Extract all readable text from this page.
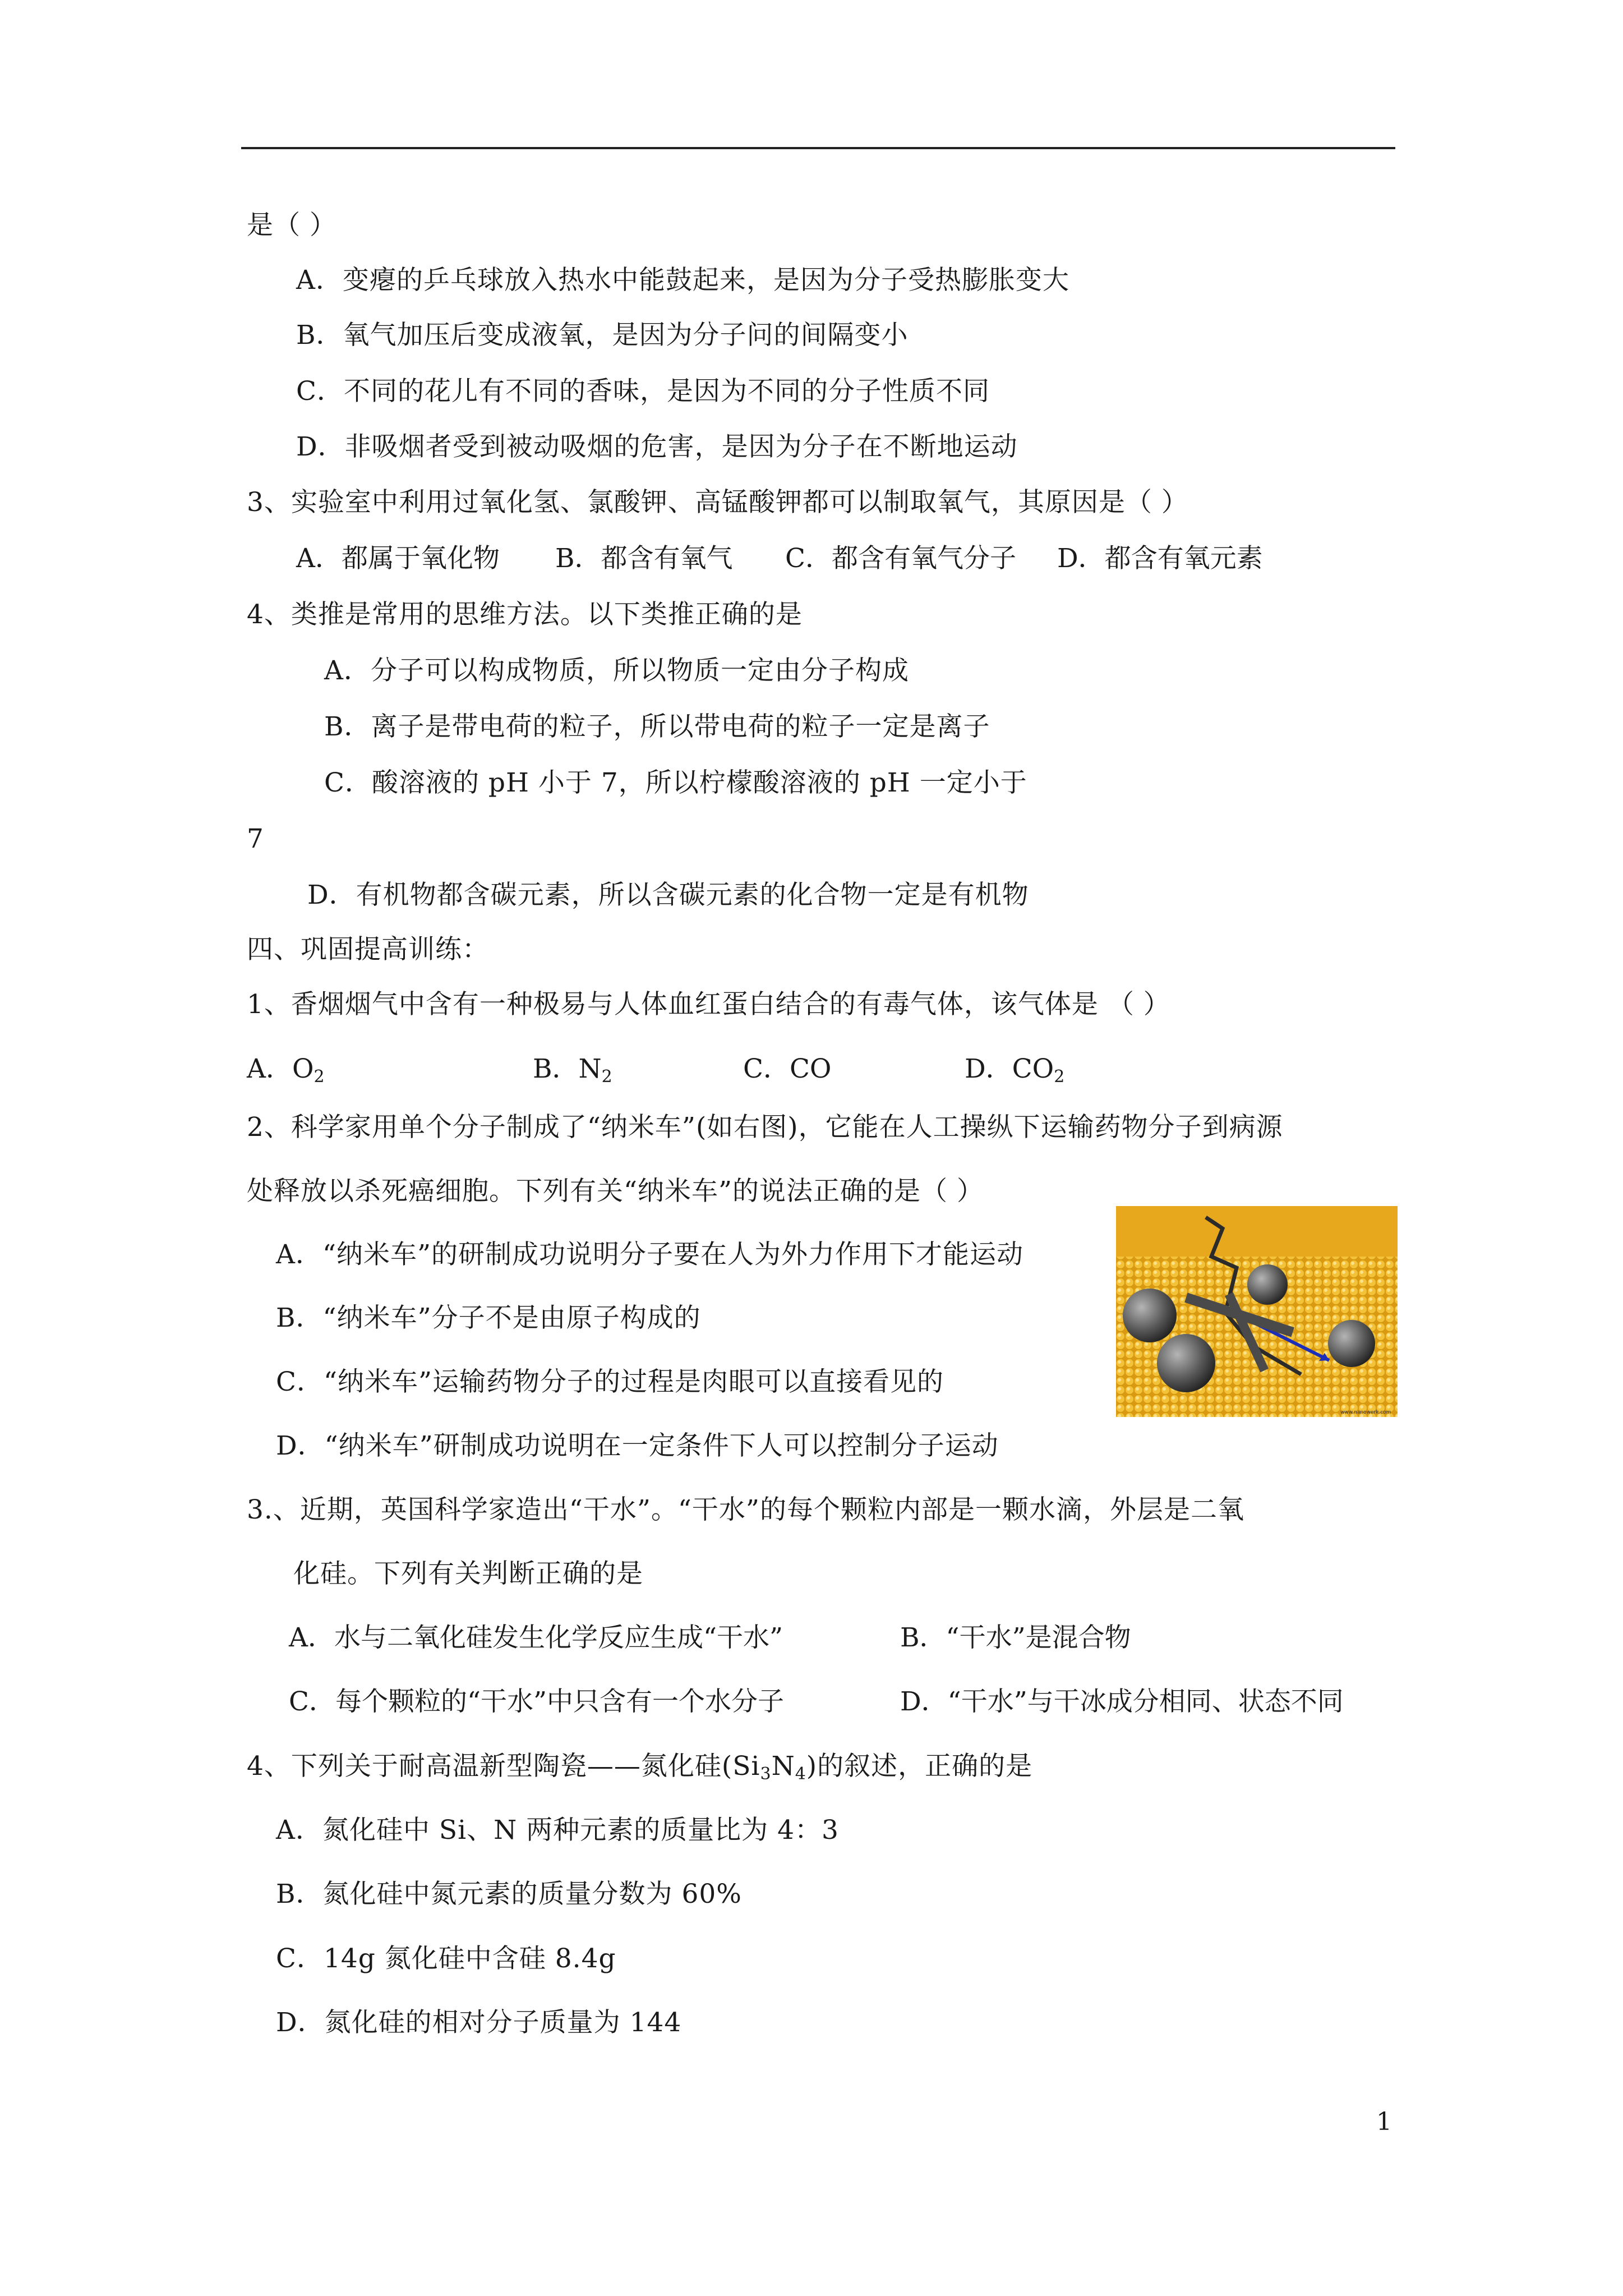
是（ ）
A．变瘪的乒乓球放入热水中能鼓起来，是因为分子受热膨胀变大
B．氧气加压后变成液氧，是因为分子问的间隔变小
C．不同的花儿有不同的香味，是因为不同的分子性质不同
D．非吸烟者受到被动吸烟的危害，是因为分子在不断地运动
3、实验室中利用过氧化氢、氯酸钾、高锰酸钾都可以制取氧气，其原因是（ ）
A．都属于氧化物 B．都含有氧气 C．都含有氧气分子 D．都含有氧元素
4、类推是常用的思维方法。以下类推正确的是
A．分子可以构成物质，所以物质一定由分子构成
B．离子是带电荷的粒子，所以带电荷的粒子一定是离子
C．酸溶液的 pH 小于 7，所以柠檬酸溶液的 pH 一定小于
7
D．有机物都含碳元素，所以含碳元素的化合物一定是有机物
四、巩固提高训练：
1、香烟烟气中含有一种极易与人体血红蛋白结合的有毒气体，该气体是 （ ）
A．$O_2$	B．$N_2$	C．CO	D．$CO_2$
2、科学家用单个分子制成了“纳米车”(如右图)，它能在人工操纵下运输药物分子到病源
处释放以杀死癌细胞。下列有关“纳米车”的说法正确的是（ ）
A．“纳米车”的研制成功说明分子要在人为外力作用下才能运动
B．“纳米车”分子不是由原子构成的
C．“纳米车”运输药物分子的过程是肉眼可以直接看见的
D．“纳米车”研制成功说明在一定条件下人可以控制分子运动
www.nanowerk.com
3.、近期，英国科学家造出“干水”。“干水”的每个颗粒内部是一颗水滴，外层是二氧
化硅。下列有关判断正确的是
A．水与二氧化硅发生化学反应生成“干水”	B．“干水”是混合物
C．每个颗粒的“干水”中只含有一个水分子	D．“干水”与干冰成分相同、状态不同
4、下列关于耐高温新型陶瓷——氮化硅$(Si_3N_4)$的叙述，正确的是
A．氮化硅中 Si、N 两种元素的质量比为 4：3
B．氮化硅中氮元素的质量分数为 60%
C．14g 氮化硅中含硅 8.4g
D．氮化硅的相对分子质量为 144
1
